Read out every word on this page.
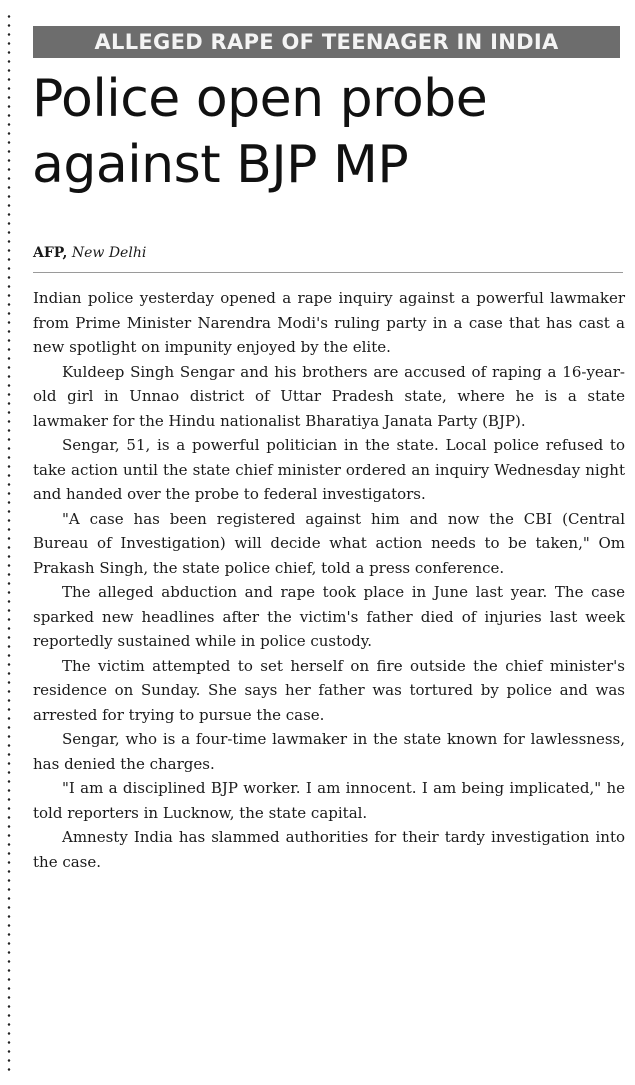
ALLEGED RAPE OF TEENAGER IN INDIA
Police open probe
against BJP MP
AFP, New Delhi

Indian police yesterday opened a rape inquiry against a powerful lawmaker from Prime Minister Narendra Modi's ruling party in a case that has cast a new spotlight on impunity enjoyed by the elite.

Kuldeep Singh Sengar and his brothers are accused of raping a 16-year-old girl in Unnao district of Uttar Pradesh state, where he is a state lawmaker for the Hindu nationalist Bharatiya Janata Party (BJP).

Sengar, 51, is a powerful politician in the state. Local police refused to take action until the state chief minister ordered an inquiry Wednesday night and handed over the probe to federal investigators.

"A case has been registered against him and now the CBI (Central Bureau of Investigation) will decide what action needs to be taken," Om Prakash Singh, the state police chief, told a press conference.

The alleged abduction and rape took place in June last year. The case sparked new headlines after the victim's father died of injuries last week reportedly sustained while in police custody.

The victim attempted to set herself on fire outside the chief minister's residence on Sunday. She says her father was tortured by police and was arrested for trying to pursue the case.

Sengar, who is a four-time lawmaker in the state known for lawlessness, has denied the charges.

"I am a disciplined BJP worker. I am innocent. I am being implicated," he told reporters in Lucknow, the state capital.

Amnesty India has slammed authorities for their tardy investigation into the case.
